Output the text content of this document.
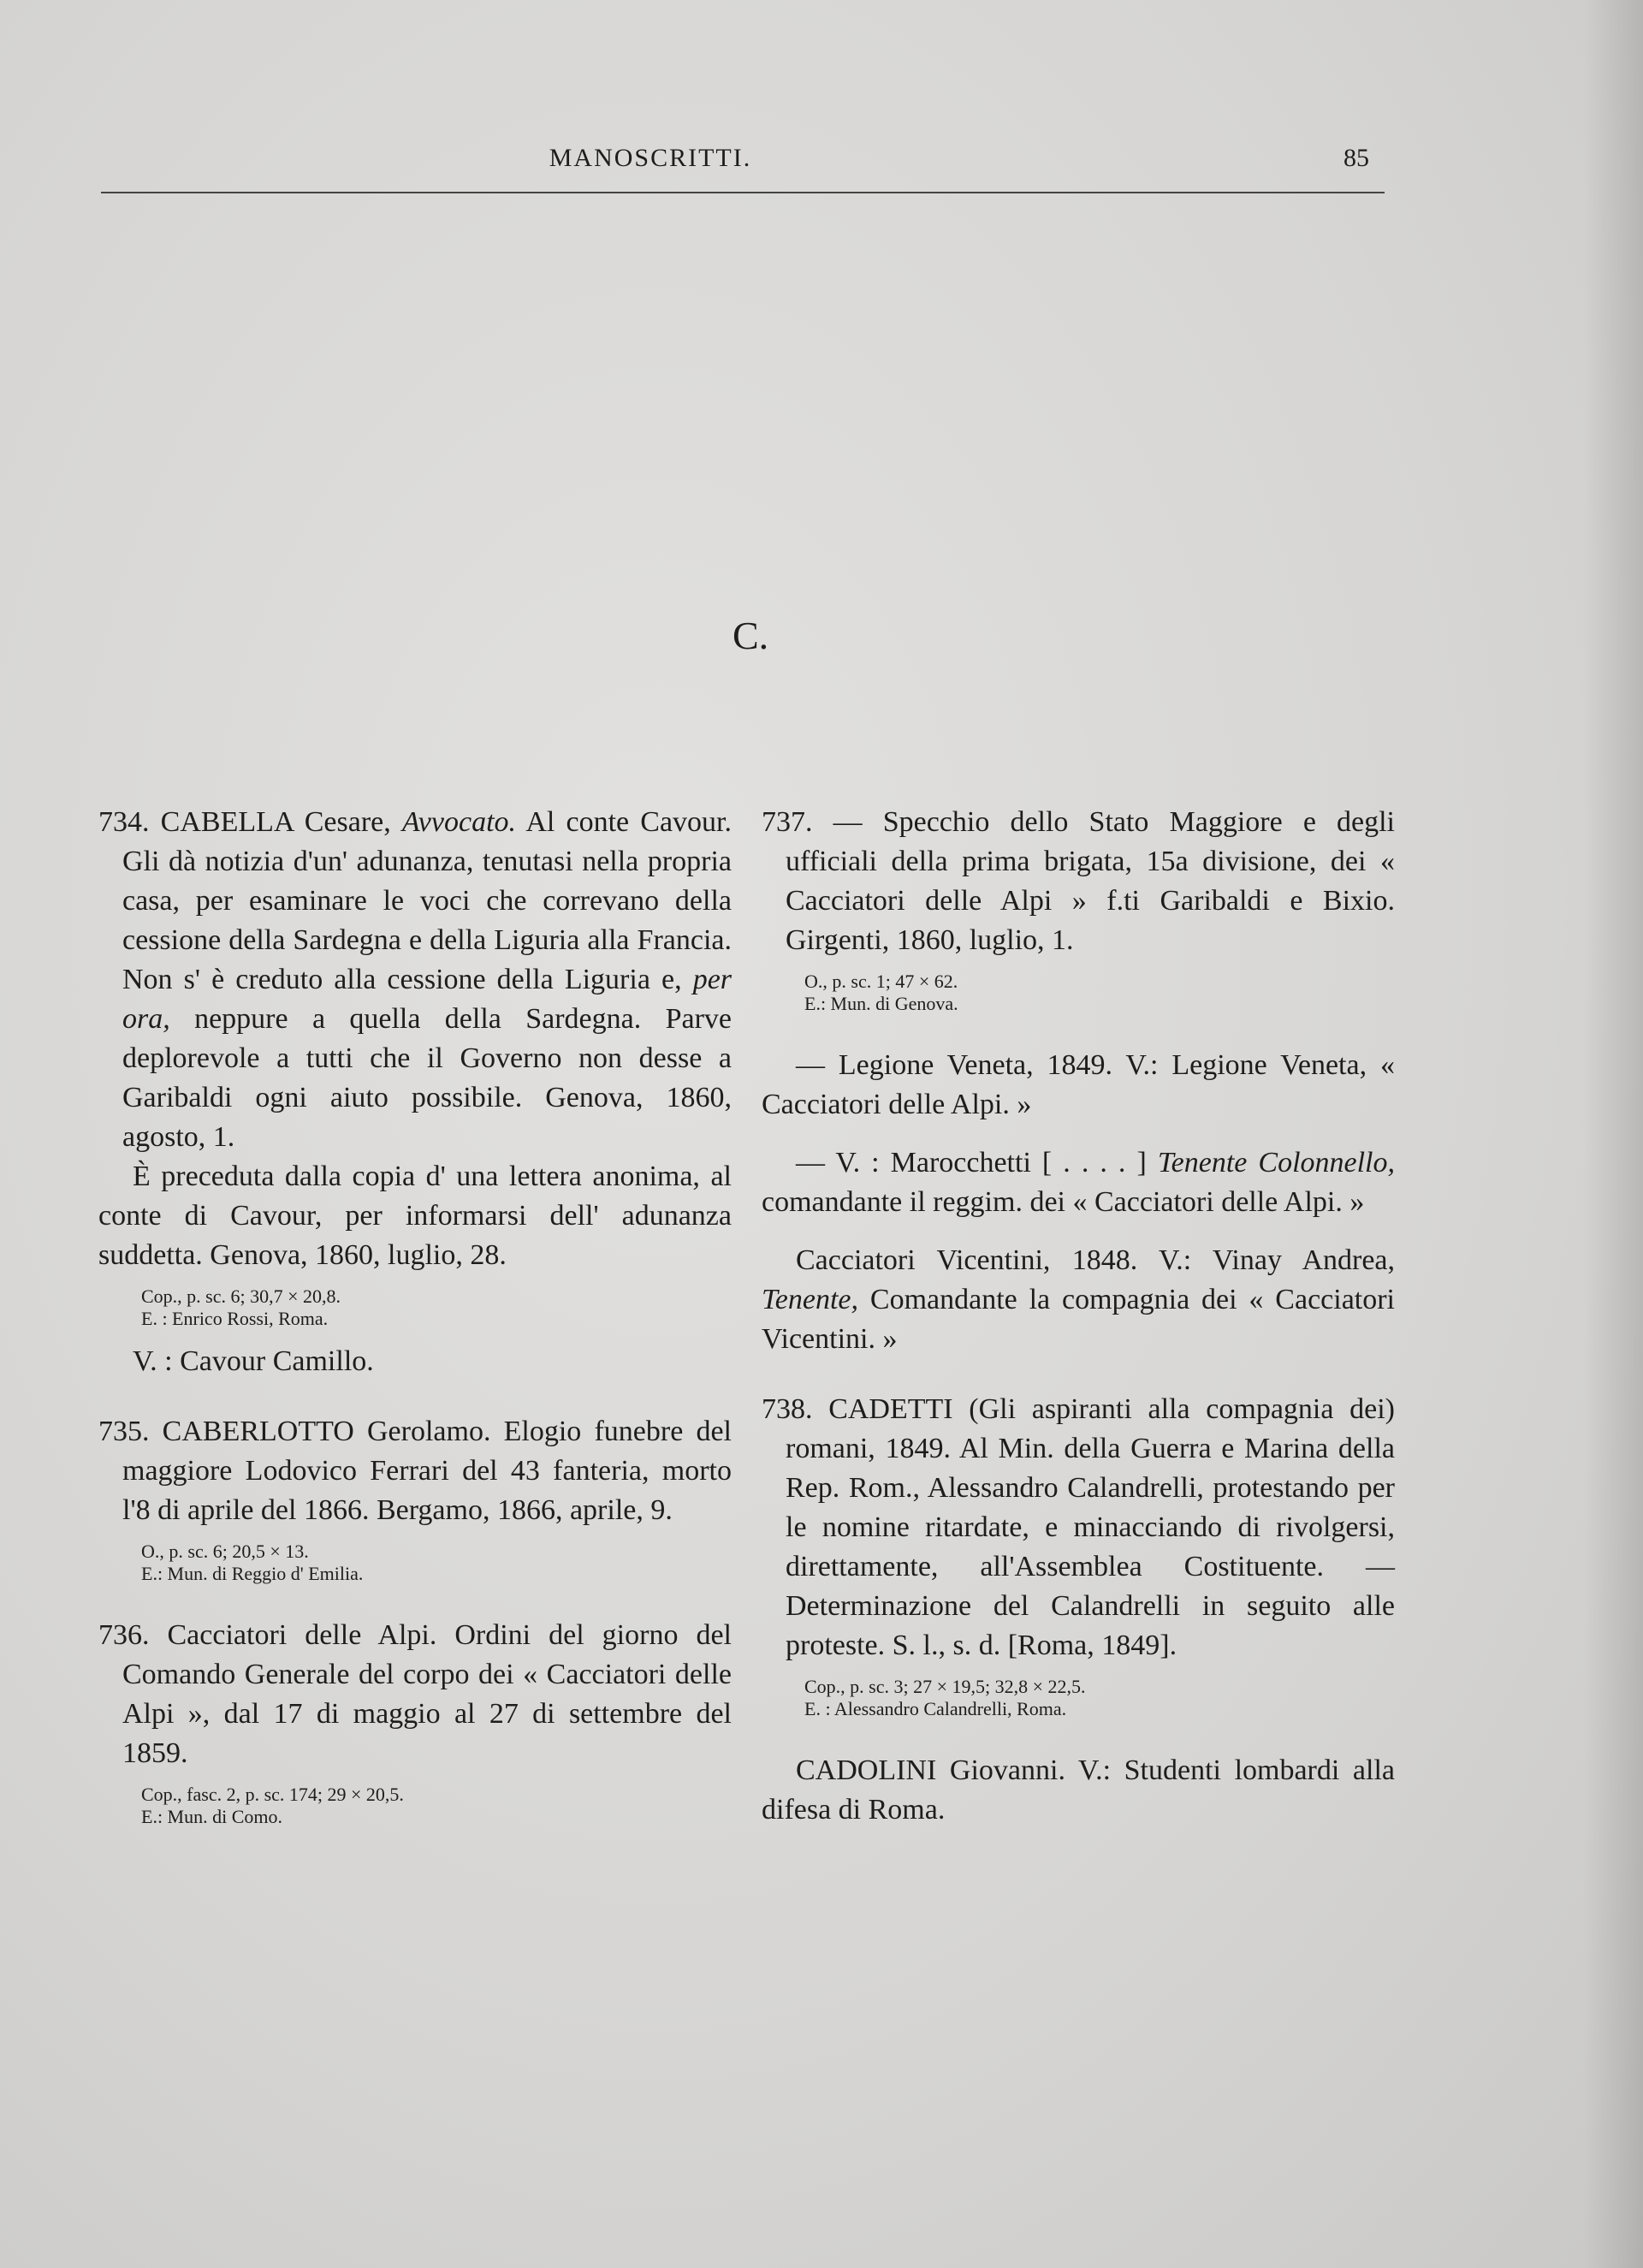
MANOSCRITTI.	85
C.

734. CABELLA Cesare, Avvocato. Al conte Cavour. Gli dà notizia d'un' adunanza, tenutasi nella propria casa, per esaminare le voci che correvano della cessione della Sardegna e della Liguria alla Francia. Non s' è creduto alla cessione della Liguria e, per ora, neppure a quella della Sardegna. Parve deplorevole a tutti che il Governo non desse a Garibaldi ogni aiuto possibile. Genova, 1860, agosto, 1.

È preceduta dalla copia d' una lettera anonima, al conte di Cavour, per informarsi dell' adunanza suddetta. Genova, 1860, luglio, 28.

Cop., p. sc. 6; 30,7 × 20,8.
E. : Enrico Rossi, Roma.
V. : Cavour Camillo.

735. CABERLOTTO Gerolamo. Elogio funebre del maggiore Lodovico Ferrari del 43 fanteria, morto l'8 di aprile del 1866. Bergamo, 1866, aprile, 9.

O., p. sc. 6; 20,5 × 13.
E.: Mun. di Reggio d' Emilia.

736. Cacciatori delle Alpi. Ordini del giorno del Comando Generale del corpo dei « Cacciatori delle Alpi », dal 17 di maggio al 27 di settembre del 1859.

Cop., fasc. 2, p. sc. 174; 29 × 20,5.
E.: Mun. di Como.

737. — Specchio dello Stato Maggiore e degli ufficiali della prima brigata, 15a divisione, dei « Cacciatori delle Alpi » f.ti Garibaldi e Bixio. Girgenti, 1860, luglio, 1.

O., p. sc. 1; 47 × 62.
E.: Mun. di Genova.

— Legione Veneta, 1849. V.: Legione Veneta, « Cacciatori delle Alpi. »

— V. : Marocchetti [ . . . . ] Tenente Colonnello, comandante il reggim. dei « Cacciatori delle Alpi. »

Cacciatori Vicentini, 1848. V.: Vinay Andrea, Tenente, Comandante la compagnia dei « Cacciatori Vicentini. »

738. CADETTI (Gli aspiranti alla compagnia dei) romani, 1849. Al Min. della Guerra e Marina della Rep. Rom., Alessandro Calandrelli, protestando per le nomine ritardate, e minacciando di rivolgersi, direttamente, all'Assemblea Costituente. — Determinazione del Calandrelli in seguito alle proteste. S. l., s. d. [Roma, 1849].

Cop., p. sc. 3; 27 × 19,5; 32,8 × 22,5.
E. : Alessandro Calandrelli, Roma.

CADOLINI Giovanni. V.: Studenti lombardi alla difesa di Roma.
